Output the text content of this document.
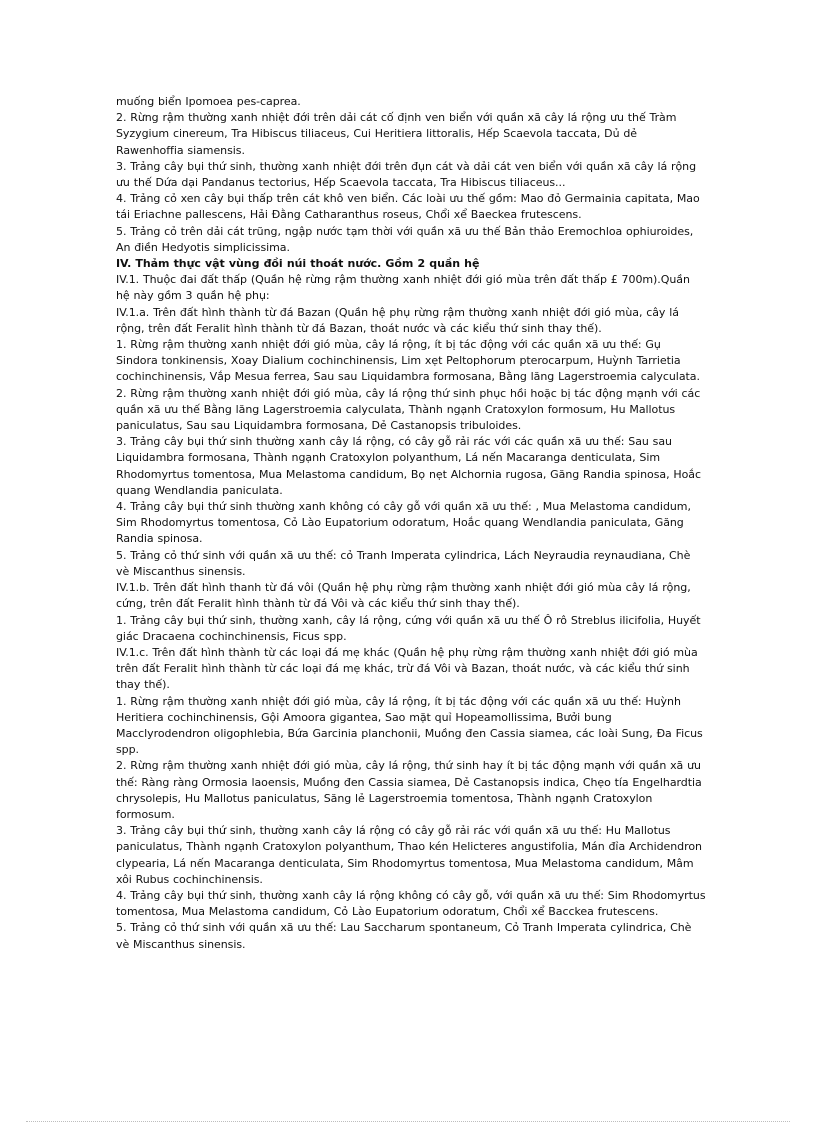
muống biển Ipomoea pes-caprea.

2. Rừng rậm thường xanh nhiệt đới trên dải cát cố định ven biển với quần xã cây lá rộng ưu thế Tràm Syzygium cinereum, Tra Hibiscus tiliaceus, Cui Heritiera littoralis, Hếp Scaevola taccata, Dủ dẻ Rawenhoffia siamensis.

3. Trảng cây bụi thứ sinh, thường xanh nhiệt đới trên đụn cát và dải cát ven biển với quần xã cây lá rộng ưu thế Dứa dại Pandanus tectorius, Hếp Scaevola taccata, Tra Hibiscus tiliaceus...

4. Trảng cỏ xen cây bụi thấp trên cát khô ven biển. Các loài ưu thế gồm: Mao đỏ Germainia capitata, Mao tái Eriachne pallescens, Hải Đằng Catharanthus roseus, Chổi xể Baeckea frutescens.

5. Trảng cỏ trên dải cát trũng, ngập nước tạm thời với quần xã ưu thế Bản thảo Eremochloa ophiuroides, An điền Hedyotis simplicissima.

IV. Thảm thực vật vùng đồi núi thoát nước. Gồm 2 quần hệ

IV.1. Thuộc đai đất thấp (Quần hệ rừng rậm thường xanh nhiệt đới gió mùa trên đất thấp £ 700m).Quần hệ này gồm 3 quần hệ phụ:

IV.1.a. Trên đất hình thành từ đá Bazan (Quần hệ phụ rừng rậm thường xanh nhiệt đới gió mùa, cây lá rộng, trên đất Feralit hình thành từ đá Bazan, thoát nước và các kiểu thứ sinh thay thế).

1. Rừng rậm thường xanh nhiệt đới gió mùa, cây lá rộng, ít bị tác động với các quần xã ưu thế: Gụ Sindora tonkinensis, Xoay Dialium cochinchinensis, Lim xẹt Peltophorum pterocarpum, Huỳnh Tarrietia cochinchinensis, Vắp Mesua ferrea, Sau sau Liquidambra formosana, Bằng lăng Lagerstroemia calyculata.

2. Rừng rậm thường xanh nhiệt đới gió mùa, cây lá rộng thứ sinh phục hồi hoặc bị tác động mạnh với các quần xã ưu thế Bằng lăng Lagerstroemia calyculata, Thành ngạnh Cratoxylon formosum, Hu Mallotus paniculatus, Sau sau Liquidambra formosana, Dẻ Castanopsis tribuloides.

3. Trảng cây bụi thứ sinh thường xanh cây lá rộng, có cây gỗ rải rác với các quần xã ưu thế: Sau sau Liquidambra formosana, Thành ngạnh Cratoxylon polyanthum, Lá nến Macaranga denticulata, Sim Rhodomyrtus tomentosa, Mua Melastoma candidum, Bọ nẹt Alchornia rugosa, Găng Randia spinosa, Hoắc quang Wendlandia paniculata.

4. Trảng cây bụi thứ sinh thường xanh không có cây gỗ với quần xã ưu thế: , Mua Melastoma candidum, Sim Rhodomyrtus tomentosa, Cỏ Lào Eupatorium odoratum, Hoắc quang Wendlandia paniculata, Găng Randia spinosa.

5. Trảng cỏ thứ sinh với quần xã ưu thế: cỏ Tranh Imperata cylindrica, Lách Neyraudia reynaudiana, Chè vè Miscanthus sinensis.

IV.1.b. Trên đất hình thanh từ đá vôi (Quần hệ phụ rừng rậm thường xanh nhiệt đới gió mùa cây lá rộng, cứng, trên đất Feralit hình thành từ đá Vôi và các kiểu thứ sinh thay thế).

1. Trảng cây bụi thứ sinh, thường xanh, cây lá rộng, cứng với quần xã ưu thế Ô rô Streblus ilicifolia, Huyết giác Dracaena cochinchinensis, Ficus spp.

IV.1.c. Trên đất hình thành từ các loại đá mẹ khác (Quần hệ phụ rừng rậm thường xanh nhiệt đới gió mùa trên đất Feralit hình thành từ các loại đá mẹ khác, trừ đá Vôi và Bazan, thoát nước, và các kiểu thứ sinh thay thế).

1. Rừng rậm thường xanh nhiệt đới gió mùa, cây lá rộng, ít bị tác động với các quần xã ưu thế: Huỳnh Heritiera cochinchinensis, Gội Amoora gigantea, Sao mặt quỉ Hopeamollissima, Bưởi bung Macclyrodendron oligophlebia, Bứa Garcinia planchonii, Muồng đen Cassia siamea, các loài Sung, Đa Ficus spp.

2. Rừng rậm thường xanh nhiệt đới gió mùa, cây lá rộng, thứ sinh hay ít bị tác động mạnh với quần xã ưu thế: Ràng ràng Ormosia laoensis, Muồng đen Cassia siamea, Dẻ Castanopsis indica, Chẹo tía Engelhardtia chrysolepis, Hu Mallotus paniculatus, Săng lẻ Lagerstroemia tomentosa, Thành ngạnh Cratoxylon formosum.

3. Trảng cây bụi thứ sinh, thường xanh cây lá rộng có cây gỗ rải rác với quần xã ưu thế: Hu Mallotus paniculatus, Thành ngạnh Cratoxylon polyanthum, Thao kén Helicteres angustifolia, Mán đỉa Archidendron clypearia, Lá nến Macaranga denticulata, Sim Rhodomyrtus tomentosa, Mua Melastoma candidum, Mâm xôi Rubus cochinchinensis.

4. Trảng cây bụi thứ sinh, thường xanh cây lá rộng không có cây gỗ, với quần xã ưu thế: Sim Rhodomyrtus tomentosa, Mua Melastoma candidum, Cỏ Lào Eupatorium odoratum, Chổi xể Bacckea frutescens.

5. Trảng cỏ thứ sinh với quần xã ưu thế: Lau Saccharum spontaneum, Cỏ Tranh Imperata cylindrica, Chè vè Miscanthus sinensis.
